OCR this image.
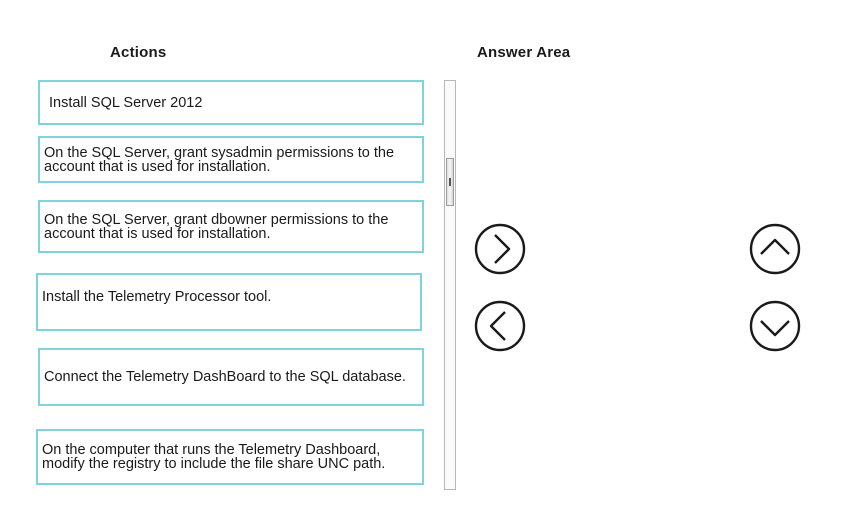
Actions	Answer Area
Install SQL Server 2012
On the SQL Server, grant sysadmin permissions to the account that is used for installation.
On the SQL Server, grant dbowner permissions to the account that is used for installation.
Install the Telemetry Processor tool.
Connect the Telemetry DashBoard to the SQL database.
On the computer that runs the Telemetry Dashboard, modify the registry to include the file share UNC path.
